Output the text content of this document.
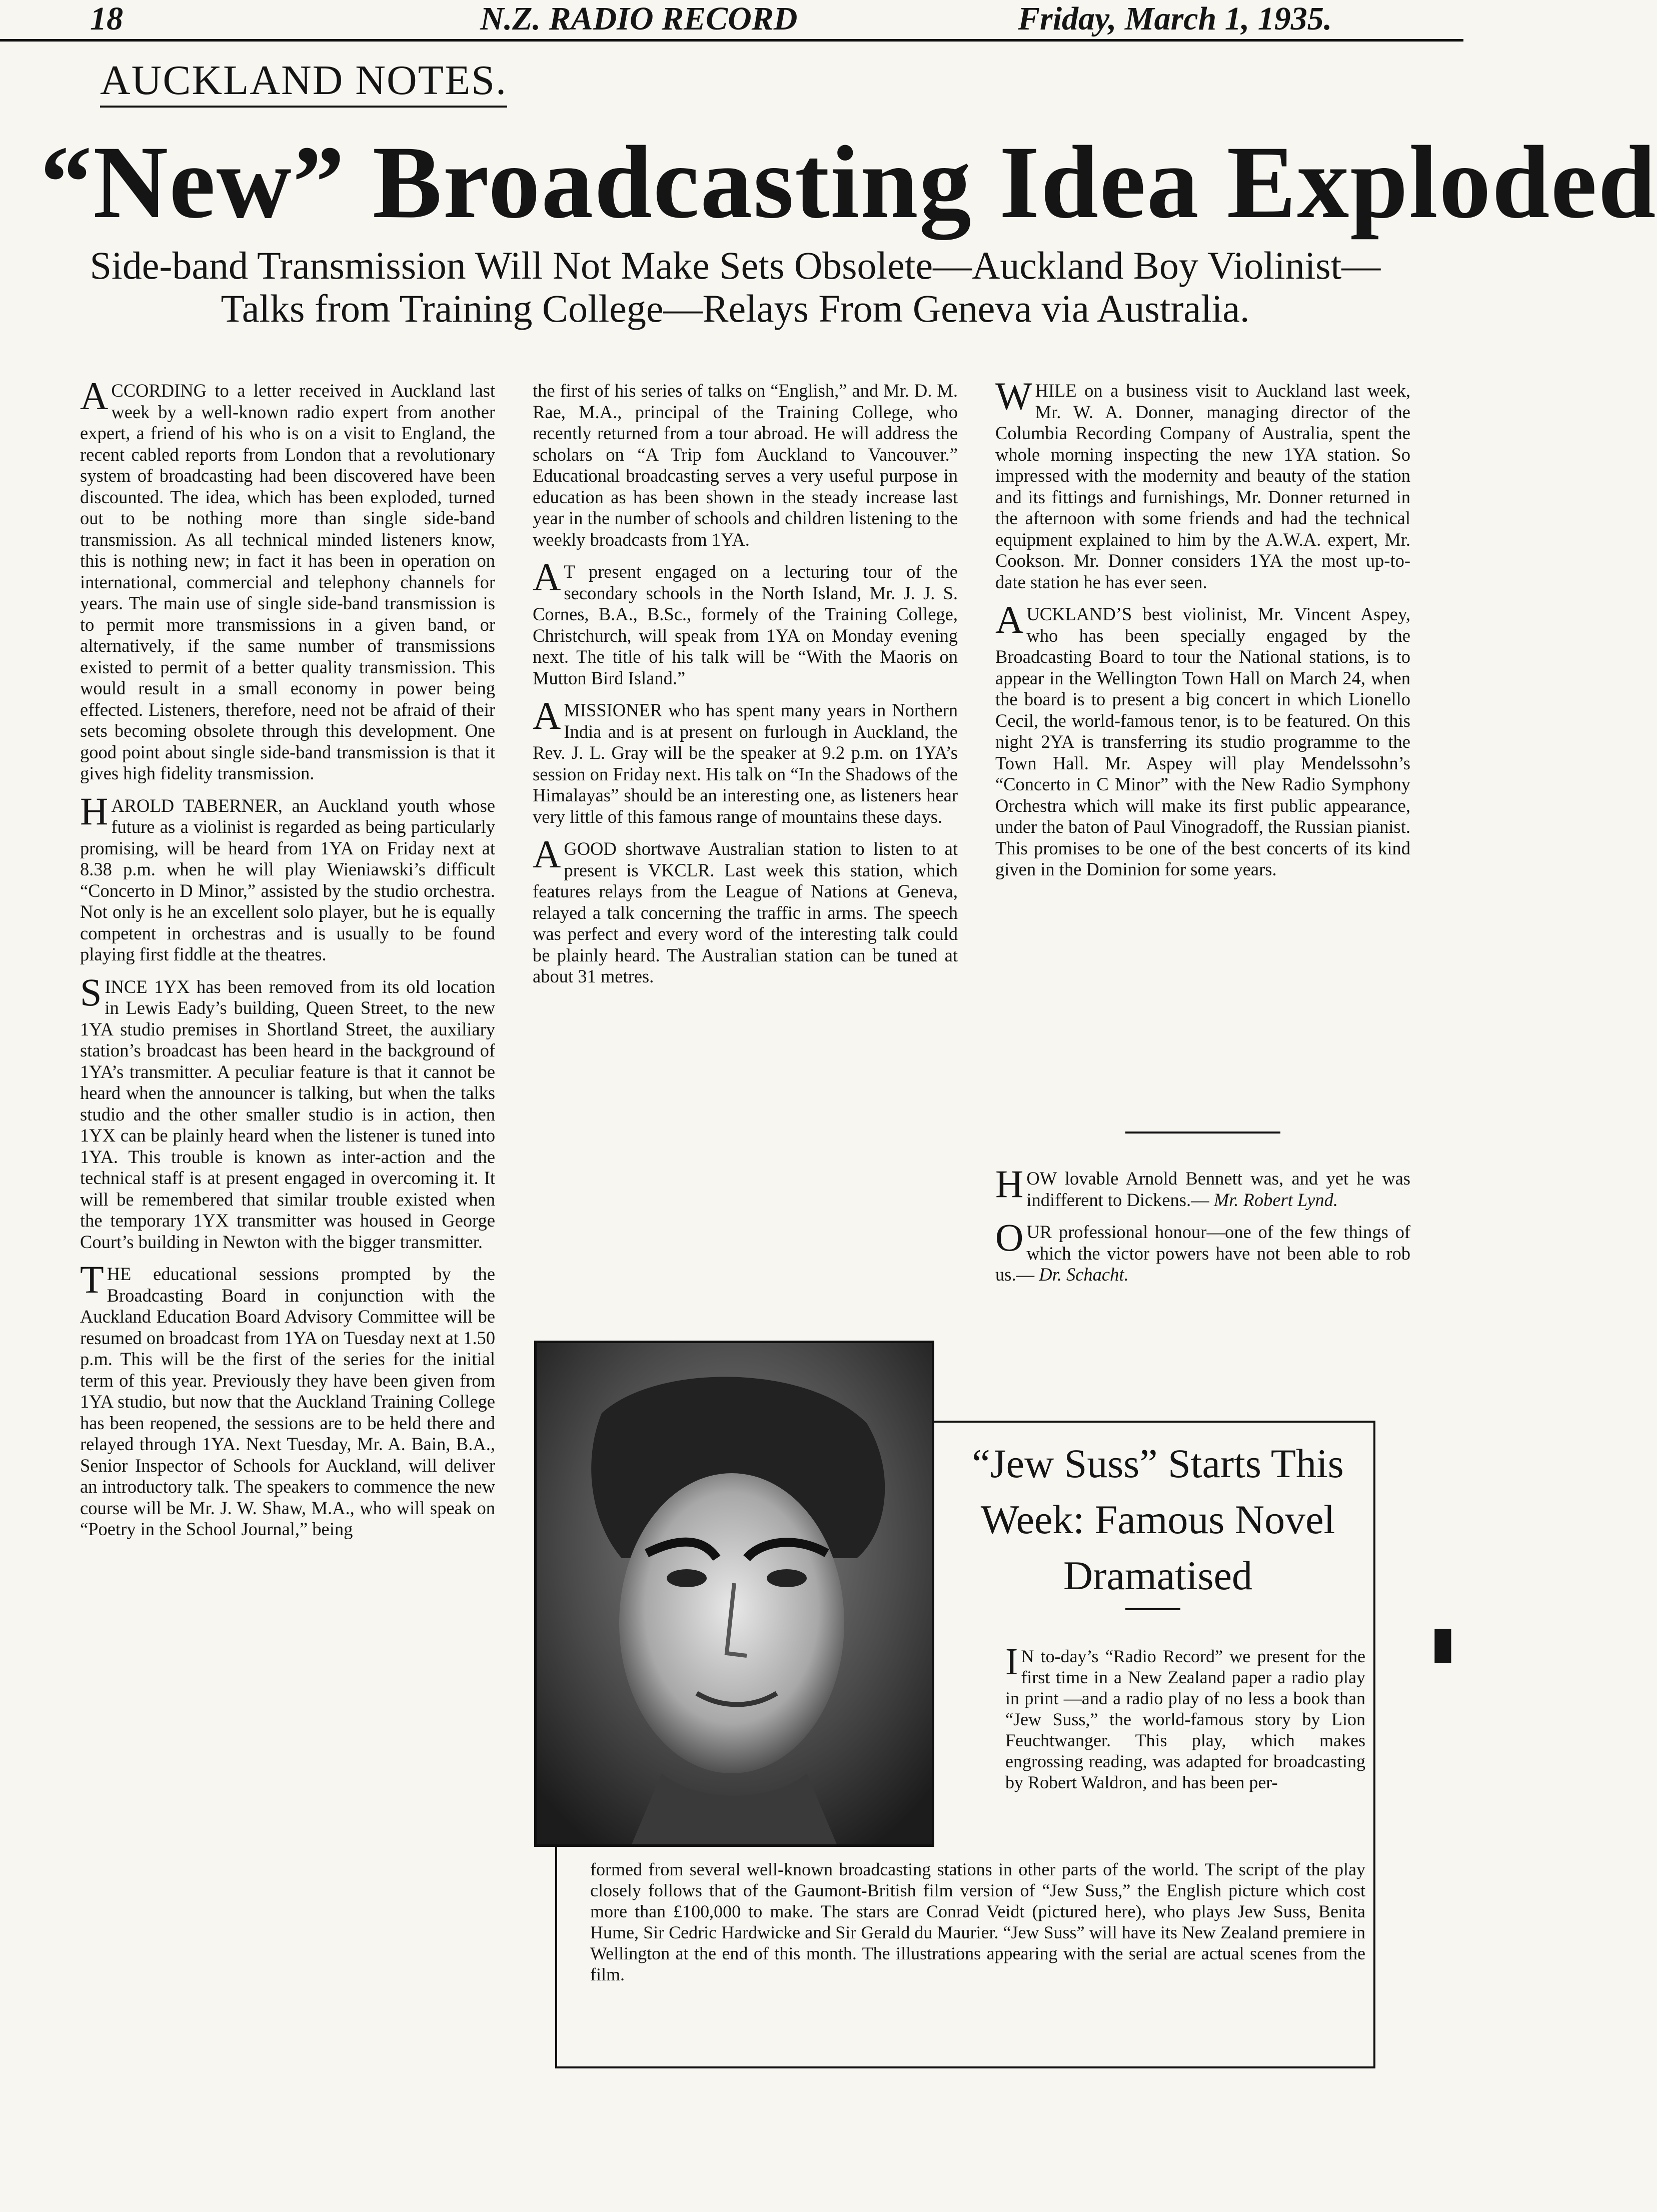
18	N.Z. RADIO RECORD	Friday, March 1, 1935.
AUCKLAND NOTES.
“New” Broadcasting Idea Exploded
Side-band Transmission Will Not Make Sets Obsolete—Auckland Boy Violinist—Talks from Training College—Relays From Geneva via Australia.

ACCORDING to a letter received in Auckland last week by a well-known radio expert from another expert, a friend of his who is on a visit to England, the recent cabled reports from London that a revolutionary system of broadcasting had been discovered have been discounted. The idea, which has been exploded, turned out to be nothing more than single side-band transmission. As all technical minded listeners know, this is nothing new; in fact it has been in operation on international, commercial and telephony channels for years. The main use of single side-band transmission is to permit more transmissions in a given band, or alternatively, if the same number of transmissions existed to permit of a better quality transmission. This would result in a small economy in power being effected. Listeners, therefore, need not be afraid of their sets becoming obsolete through this development. One good point about single side-band transmission is that it gives high fidelity transmission.

HAROLD TABERNER, an Auckland youth whose future as a violinist is regarded as being particularly promising, will be heard from 1YA on Friday next at 8.38 p.m. when he will play Wieniawski’s difficult “Concerto in D Minor,” assisted by the studio orchestra. Not only is he an excellent solo player, but he is equally competent in orchestras and is usually to be found playing first fiddle at the theatres.

SINCE 1YX has been removed from its old location in Lewis Eady’s building, Queen Street, to the new 1YA studio premises in Shortland Street, the auxiliary station’s broadcast has been heard in the background of 1YA’s transmitter. A peculiar feature is that it cannot be heard when the announcer is talking, but when the talks studio and the other smaller studio is in action, then 1YX can be plainly heard when the listener is tuned into 1YA. This trouble is known as inter-action and the technical staff is at present engaged in overcoming it. It will be remembered that similar trouble existed when the temporary 1YX transmitter was housed in George Court’s building in Newton with the bigger transmitter.

THE educational sessions prompted by the Broadcasting Board in conjunction with the Auckland Education Board Advisory Committee will be resumed on broadcast from 1YA on Tuesday next at 1.50 p.m. This will be the first of the series for the initial term of this year. Previously they have been given from 1YA studio, but now that the Auckland Training College has been reopened, the sessions are to be held there and relayed through 1YA. Next Tuesday, Mr. A. Bain, B.A., Senior Inspector of Schools for Auckland, will deliver an introductory talk. The speakers to commence the new course will be Mr. J. W. Shaw, M.A., who will speak on “Poetry in the School Journal,” being

the first of his series of talks on “English,” and Mr. D. M. Rae, M.A., principal of the Training College, who recently returned from a tour abroad. He will address the scholars on “A Trip fom Auckland to Vancouver.” Educational broadcasting serves a very useful purpose in education as has been shown in the steady increase last year in the number of schools and children listening to the weekly broadcasts from 1YA.

A T present engaged on a lecturing tour of the secondary schools in the North Island, Mr. J. J. S. Cornes, B.A., B.Sc., formely of the Training College, Christchurch, will speak from 1YA on Monday evening next. The title of his talk will be “With the Maoris on Mutton Bird Island.”

A MISSIONER who has spent many years in Northern India and is at present on furlough in Auckland, the Rev. J. L. Gray will be the speaker at 9.2 p.m. on 1YA’s session on Friday next. His talk on “In the Shadows of the Himalayas” should be an interesting one, as listeners hear very little of this famous range of mountains these days.

A GOOD shortwave Australian station to listen to at present is VKCLR. Last week this station, which features relays from the League of Nations at Geneva, relayed a talk concerning the traffic in arms. The speech was perfect and every word of the interesting talk could be plainly heard. The Australian station can be tuned at about 31 metres.

WHILE on a business visit to Auckland last week, Mr. W. A. Donner, managing director of the Columbia Recording Company of Australia, spent the whole morning inspecting the new 1YA station. So impressed with the modernity and beauty of the station and its fittings and furnishings, Mr. Donner returned in the afternoon with some friends and had the technical equipment explained to him by the A.W.A. expert, Mr. Cookson. Mr. Donner considers 1YA the most up-to-date station he has ever seen.

AUCKLAND’S best violinist, Mr. Vincent Aspey, who has been specially engaged by the Broadcasting Board to tour the National stations, is to appear in the Wellington Town Hall on March 24, when the board is to present a big concert in which Lionello Cecil, the world-famous tenor, is to be featured. On this night 2YA is transferring its studio programme to the Town Hall. Mr. Aspey will play Mendelssohn’s “Concerto in C Minor” with the New Radio Symphony Orchestra which will make its first public appearance, under the baton of Paul Vinogradoff, the Russian pianist. This promises to be one of the best concerts of its kind given in the Dominion for some years.

HOW lovable Arnold Bennett was, and yet he was indifferent to Dickens.— Mr. Robert Lynd.

OUR professional honour—one of the few things of which the victor powers have not been able to rob us.— Dr. Schacht.

“Jew Suss” Starts This Week: Famous Novel Dramatised
I N to-day’s “Radio Record” we present for the first time in a New Zealand paper a radio play in print —and a radio play of no less a book than “Jew Suss,” the world-famous story by Lion Feuchtwanger. This play, which makes engrossing reading, was adapted for broadcasting by Robert Waldron, and has been per-
formed from several well-known broadcasting stations in other parts of the world. The script of the play closely follows that of the Gaumont-British film version of “Jew Suss,” the English picture which cost more than £100,000 to make. The stars are Conrad Veidt (pictured here), who plays Jew Suss, Benita Hume, Sir Cedric Hardwicke and Sir Gerald du Maurier. “Jew Suss” will have its New Zealand premiere in Wellington at the end of this month. The illustrations appearing with the serial are actual scenes from the film.
▮
